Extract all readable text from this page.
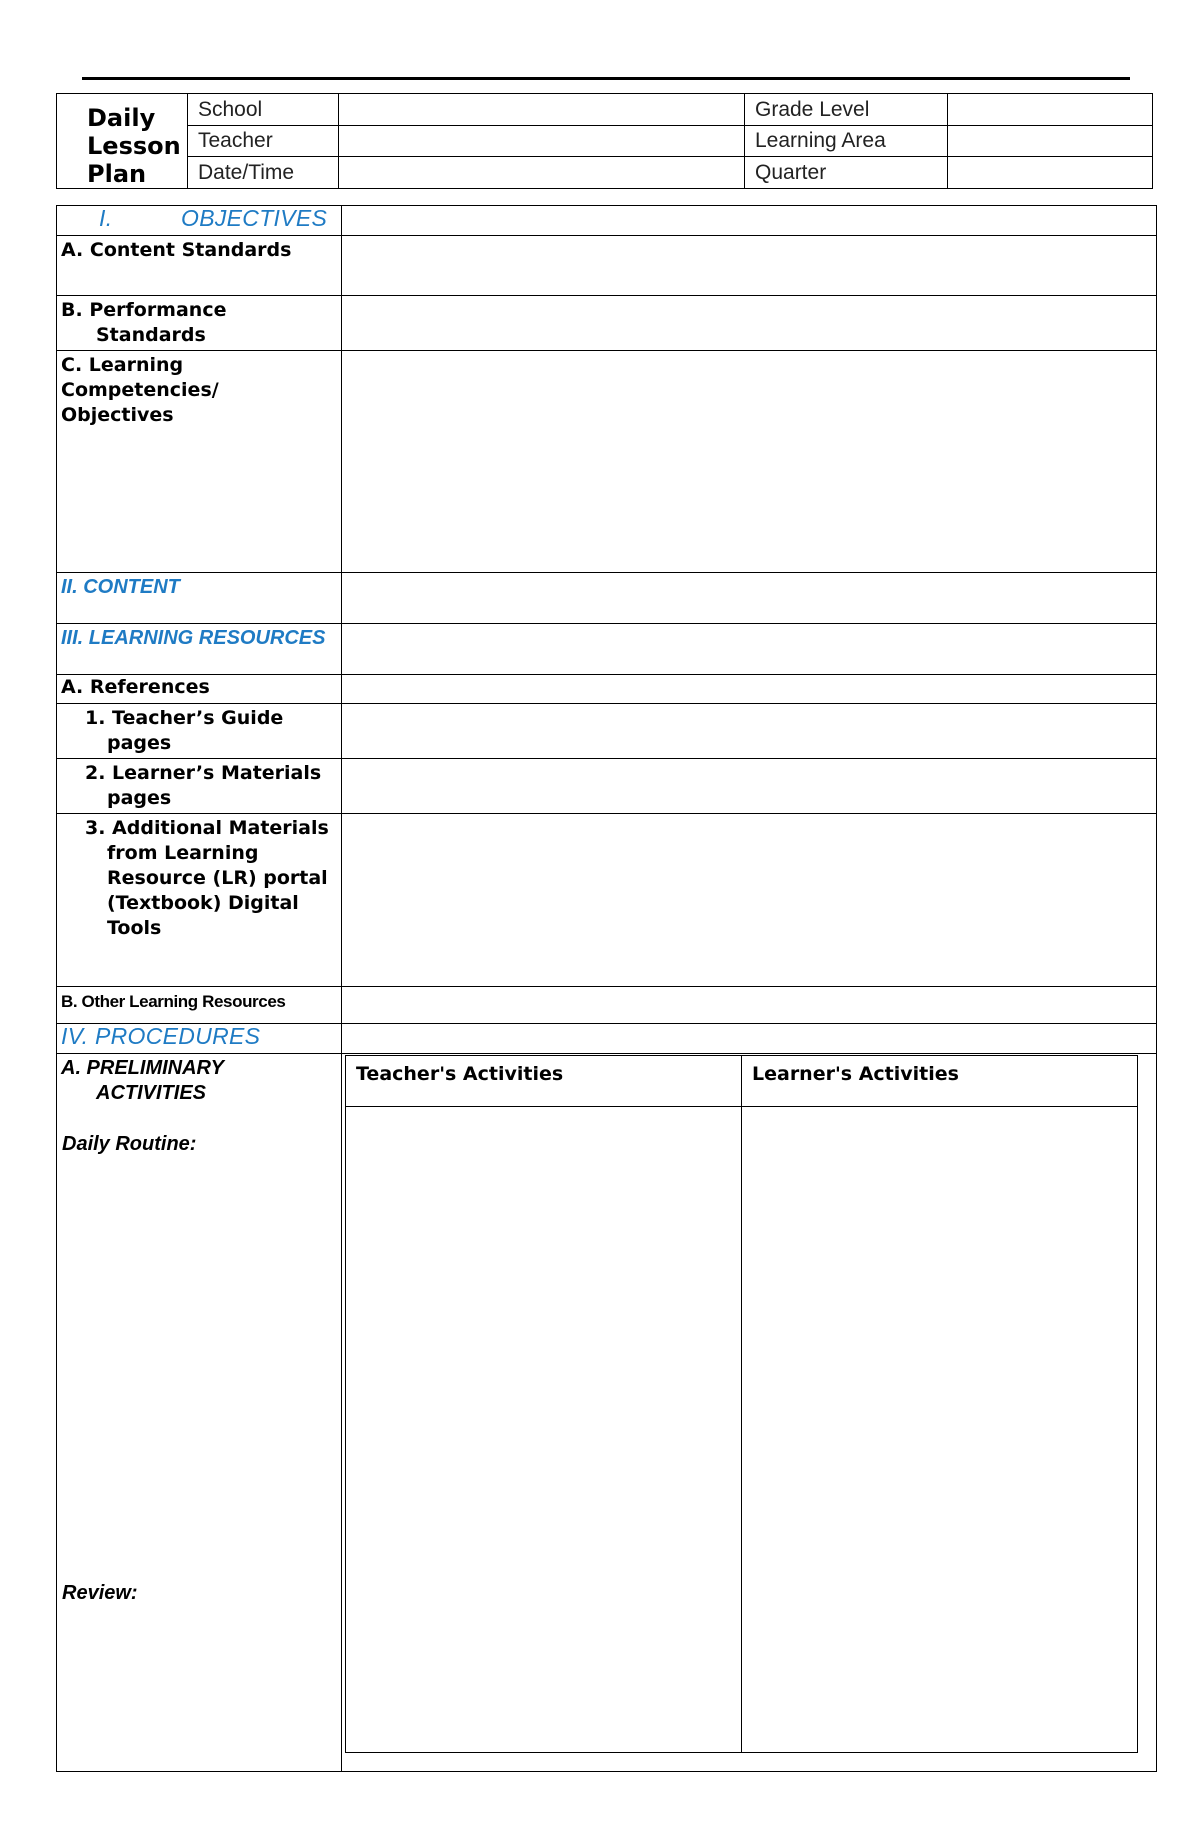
Daily Lesson Plan	School		Grade Level	
	Teacher		Learning Area	
	Date/Time		Quarter	
I.	OBJECTIVES	

A. Content Standards

B. Performance Standards

C. Learning Competencies/ Objectives	
II. CONTENT	
III. LEARNING RESOURCES	
A. References	

1. Teacher’s Guide pages

2. Learner’s Materials pages

3. Additional Materials from Learning Resource (LR) portal (Textbook) Digital Tools

B. Other Learning Resources	
IV. PROCEDURES	

A. PRELIMINARY ACTIVITIES
Daily Routine:
Review:

Teacher's Activities	Learner's Activities
